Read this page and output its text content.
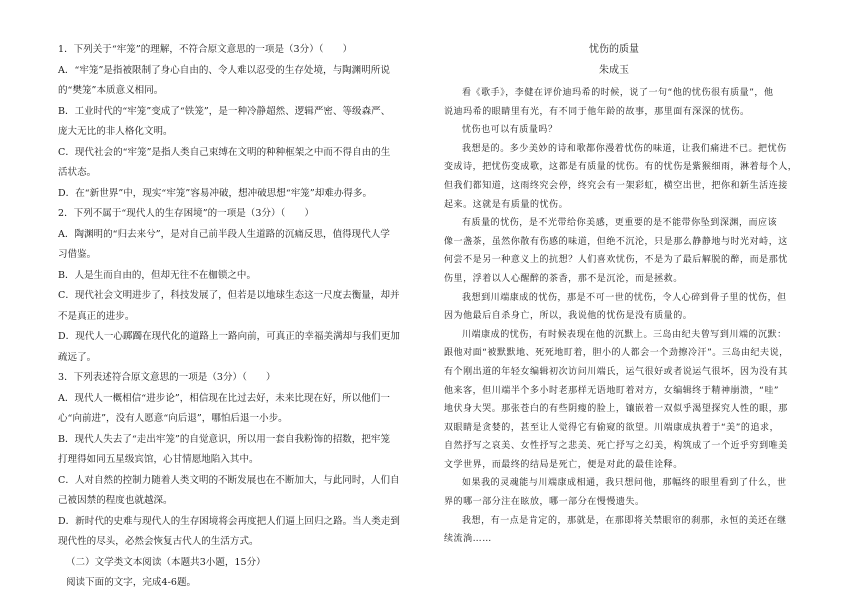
1．下列关于“牢笼”的理解，不符合原文意思的一项是（3分）（　　）

A．“牢笼”是指被限制了身心自由的、令人难以忍受的生存处境，与陶渊明所说

的“樊笼”本质意义相同。

B．工业时代的“牢笼”变成了“铁笼”，是一种冷静超然、逻辑严密、等级森严、

庞大无比的非人格化文明。

C．现代社会的“牢笼”是指人类自己束缚在文明的种种框架之中而不得自由的生

活状态。

D．在“新世界”中，现实“牢笼”容易冲破，想冲破思想“牢笼”却难办得多。

2．下列不属于“现代人的生存困境”的一项是（3分）（　　）

A．陶渊明的“归去来兮”，是对自己前半段人生道路的沉痛反思，值得现代人学

习借鉴。

B．人是生而自由的，但却无往不在枷锁之中。

C．现代社会文明进步了，科技发展了，但若是以地球生态这一尺度去衡量，却并

不是真正的进步。

D．现代人一心踯躅在现代化的道路上一路向前，可真正的幸福美满却与我们更加

疏远了。

3．下列表述符合原文意思的一项是（3分）（　　）

A．现代人一概相信“进步论”，相信现在比过去好，未来比现在好，所以他们一

心“向前进”，没有人愿意“向后退”，哪怕后退一小步。

B．现代人失去了“走出牢笼”的自觉意识，所以用一套自我粉饰的招数，把牢笼

打理得如同五星级宾馆，心甘情愿地陷入其中。

C．人对自然的控制力随着人类文明的不断发展也在不断加大，与此同时，人们自

己被因禁的程度也就越深。

D．新时代的史难与现代人的生存困境将会再度把人们逼上回归之路。当人类走到

现代性的尽头，必然会恢复古代人的生活方式。

（二）文学类文本阅读（本题共3小题，15分）

阅读下面的文字，完成4-6题。

忧伤的质量

朱成玉

看《歌手》，李健在评价迪玛希的时候，说了一句“他的忧伤很有质量”，他

说迪玛希的眼睛里有光，有不同于他年龄的故事，那里面有深深的忧伤。

忧伤也可以有质量吗？

我想是的。多少美妙的诗和歌都你漫着忧伤的味道，让我们痛进不已。把忧伤

变成诗，把忧伤变成歌，这都是有质量的忧伤。有的忧伤是紫猴细雨，淋着每个人，

但我们都知道，这雨终究会停，终究会有一架彩虹，横空出世，把你和新生活连接

起来。这就是有质量的忧伤。

有质量的忧伤，是不光带给你美感，更重要的是不能带你坠到深渊，而应该

像一盏茶，虽然你散有伤感的味道，但绝不沉沦，只是那么静静地与时光对峙，这

何尝不是另一种意义上的抗想？人们喜欢忧伤，不是为了最后解脱的醉，而是那忧

伤里，浮着以人心醒醉的茶香，那不是沉沦，而是拯救。

我想到川端康成的忧伤，那是不可一世的忧伤，令人心碎到骨子里的忧伤，但

因为他最后自杀身亡，所以，我说他的忧伤是没有质量的。

川端康成的忧伤，有时候表现在他的沉默上。三岛由纪夫曾写到川端的沉默：

跟他对面“被默默地、死死地盯着，胆小的人都会一个劲擦冷汗”。三岛由纪夫说，

有个刚出道的年轻女编辑初次访问川端氏，运气很好或者说运气很坏，因为没有其

他来客，但川端半个多小时老那样无语地盯着对方，女编辑终于精神崩溃，“哇”

地伏身大哭。那张苍白的有些阴瘦的脸上，镶嵌着一双似乎渴望探究人性的眼，那

双眼睛是贪婪的，甚至让人觉得它有偷窥的欲望。川端康成执着于“美”的追求，

自然抒写之哀美、女性抒写之悲美、死亡抒写之幻美，构筑成了一个近乎穷到唯美

文学世界，而最终的结局是死亡，便是对此的最佳诠释。

如果我的灵魂能与川端康成相通，我只想问他，那幅终的眼里看到了什么，世

界的哪一部分注在眩放，哪一部分在慢慢遗失。

我想，有一点是肯定的，那就是，在那即将关禁眼帘的刹那，永恒的美还在继

续流淌……
